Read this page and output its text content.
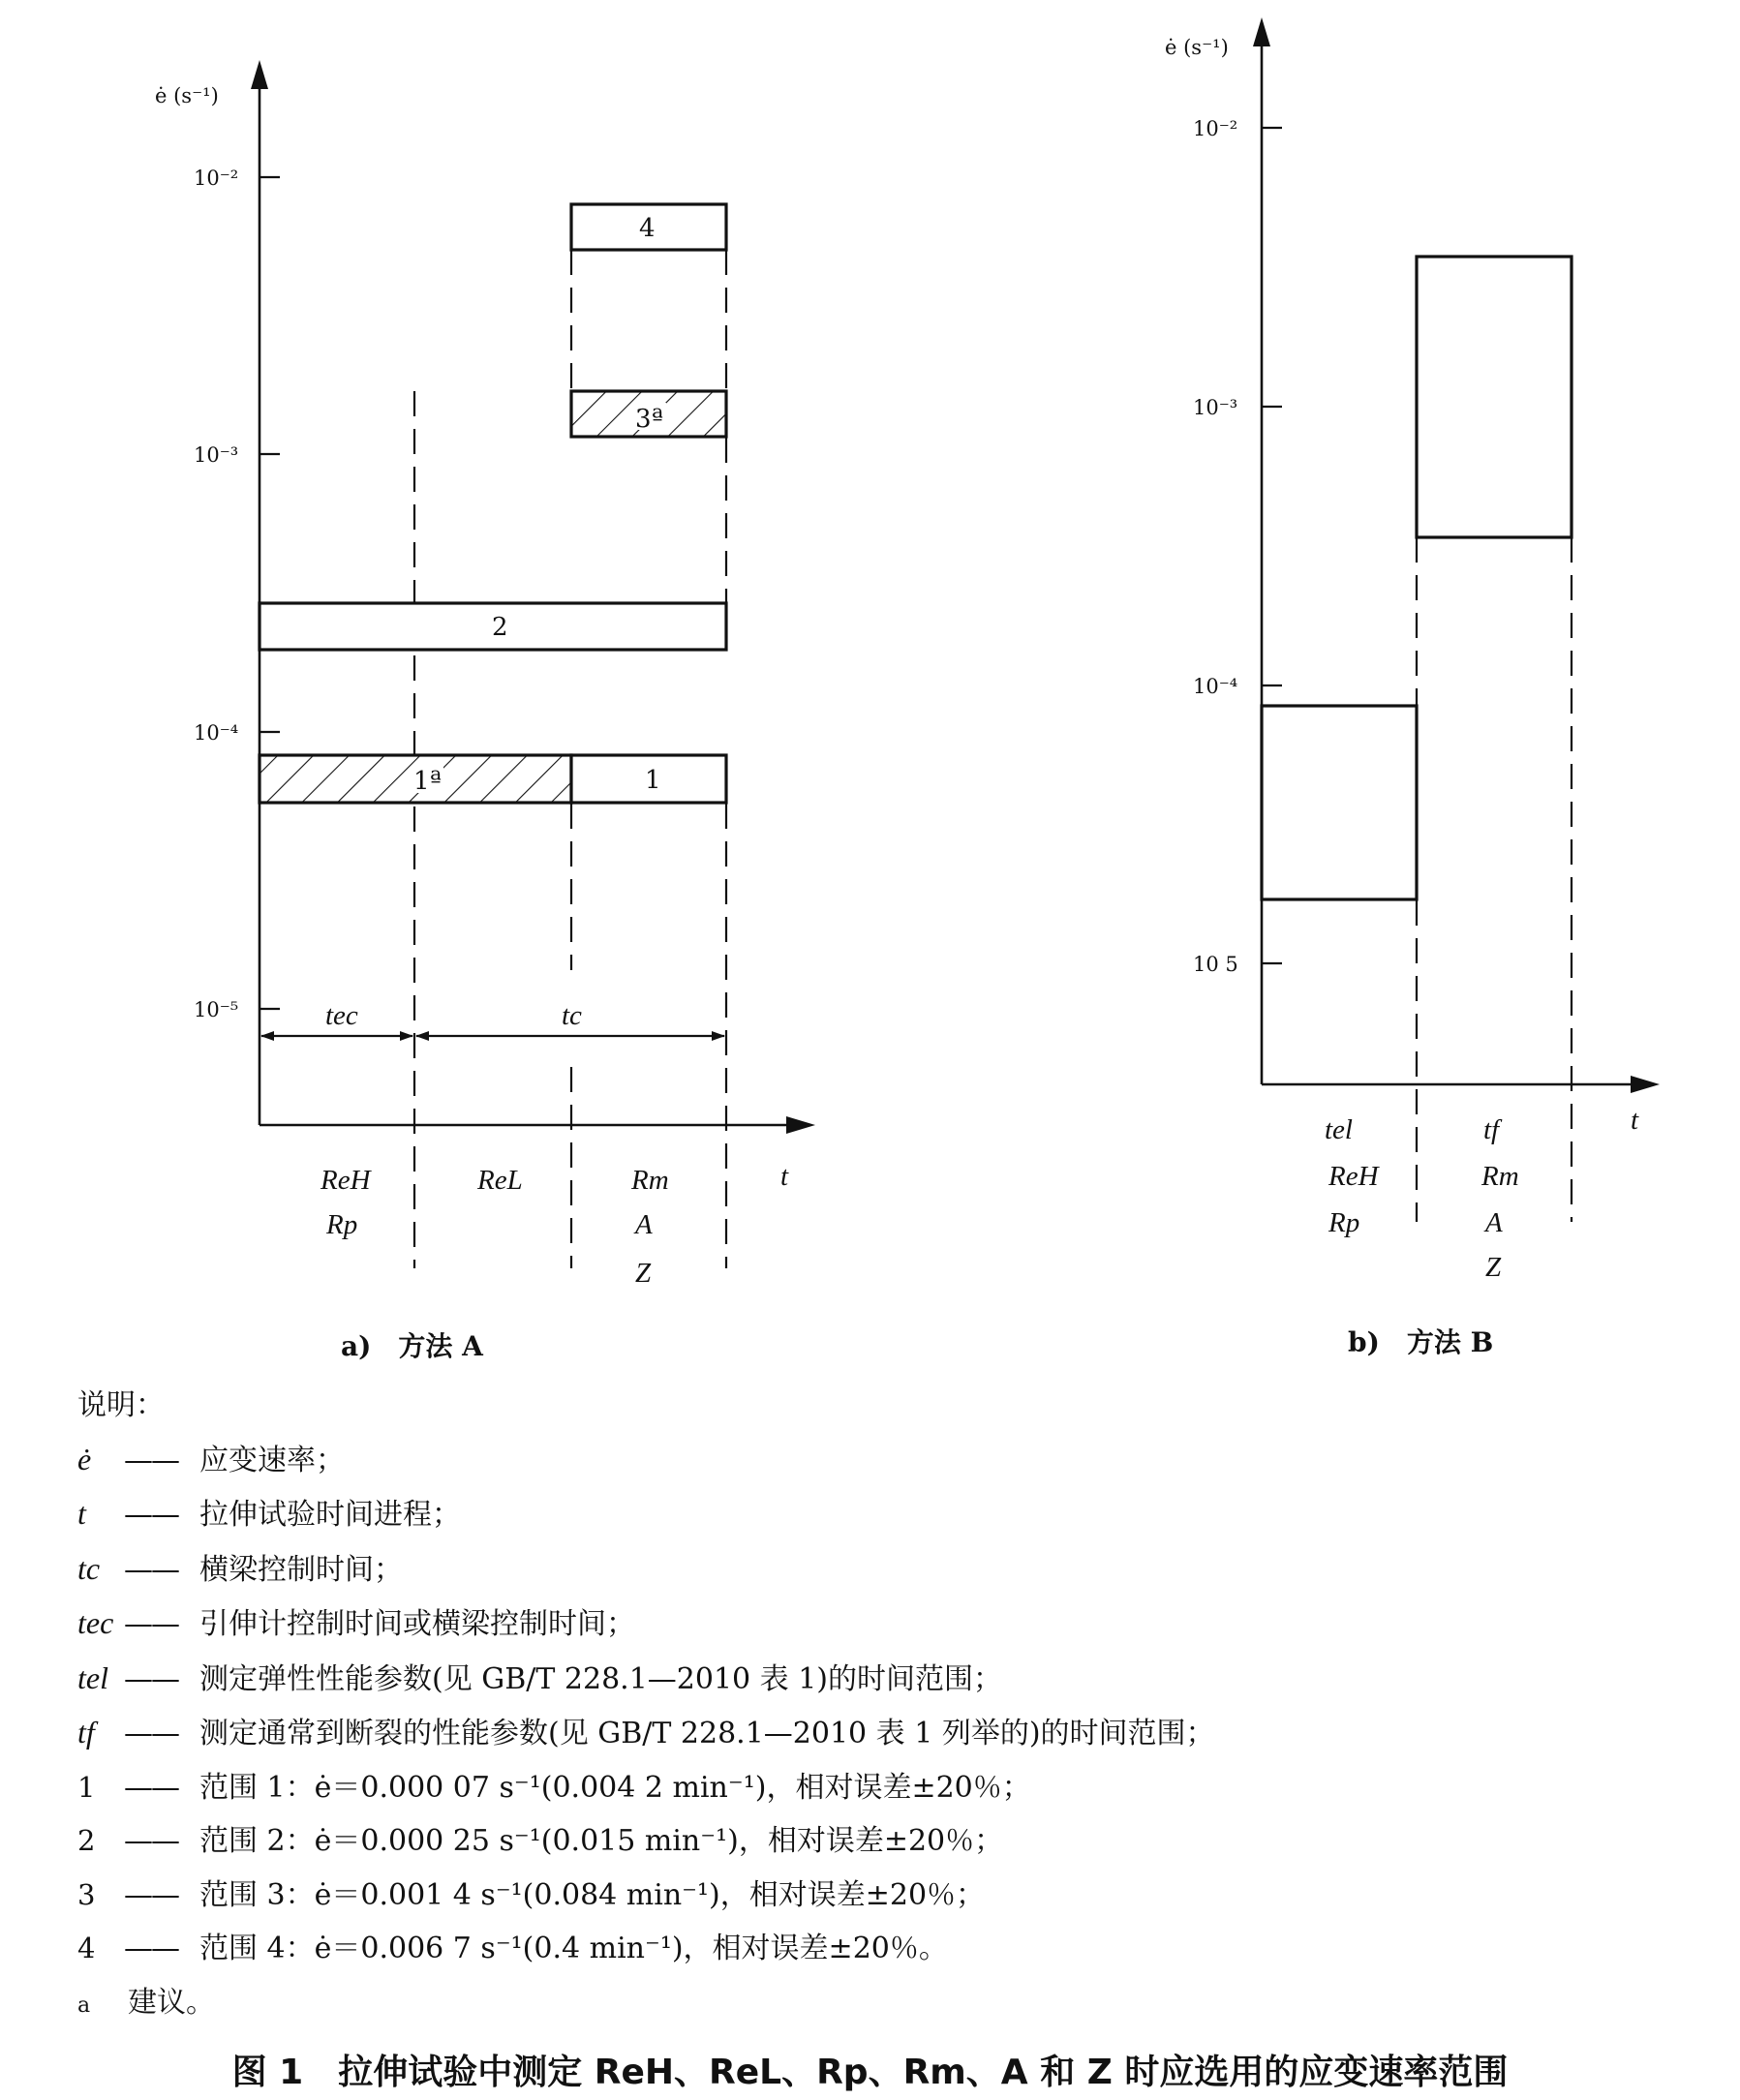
10⁻²
10⁻³
10⁻⁴
10⁻⁵
ė (s⁻¹)
4
3ª
2
1ª	1
tec	tc
ReH
Rp
ReL	Rm
A
Z
t
a)　方法 A
10⁻²
10⁻³
10⁻⁴
10 5
ė (s⁻¹)
tel
ReH
Rp
tf
Rm
A
Z
t
b)　方法 B
说明：
ė	—— 应变速率；
t	—— 拉伸试验时间进程；
tc —— 横梁控制时间；
tec —— 引伸计控制时间或横梁控制时间；
tel —— 测定弹性性能参数(见 GB/T 228.1—2010 表 1)的时间范围；
tf	—— 测定通常到断裂的性能参数(见 GB/T 228.1—2010 表 1 列举的)的时间范围；
1 —— 范围 1：ė＝0.000 07 s⁻¹(0.004 2 min⁻¹)，相对误差±20％；
2 —— 范围 2：ė＝0.000 25 s⁻¹(0.015 min⁻¹)，相对误差±20％；
3 —— 范围 3：ė＝0.001 4 s⁻¹(0.084 min⁻¹)，相对误差±20％；
4 —— 范围 4：ė＝0.006 7 s⁻¹(0.4 min⁻¹)，相对误差±20％。
a	建议。
图 1　拉伸试验中测定 ReH、ReL、Rp、Rm、A 和 Z 时应选用的应变速率范围
